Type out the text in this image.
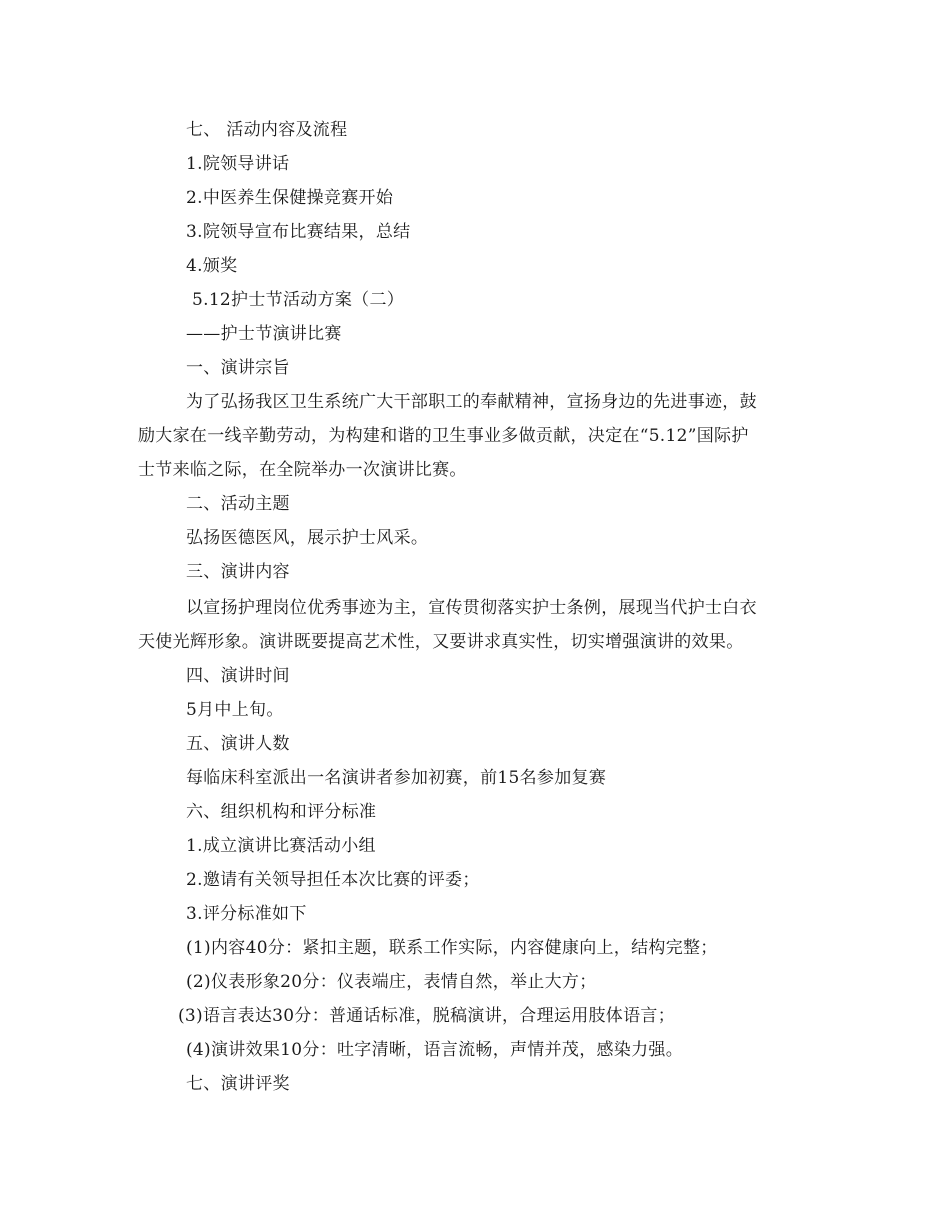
七、 活动内容及流程
1.院领导讲话
2.中医养生保健操竞赛开始
3.院领导宣布比赛结果，总结
4.颁奖
5.12护士节活动方案（二）
——护士节演讲比赛
一、演讲宗旨
为了弘扬我区卫生系统广大干部职工的奉献精神，宣扬身边的先进事迹，鼓
励大家在一线辛勤劳动，为构建和谐的卫生事业多做贡献，决定在“5.12”国际护
士节来临之际，在全院举办一次演讲比赛。
二、活动主题
弘扬医德医风，展示护士风采。
三、演讲内容
以宣扬护理岗位优秀事迹为主，宣传贯彻落实护士条例，展现当代护士白衣
天使光辉形象。演讲既要提高艺术性，又要讲求真实性，切实增强演讲的效果。
四、演讲时间
5月中上旬。
五、演讲人数
每临床科室派出一名演讲者参加初赛，前15名参加复赛
六、组织机构和评分标准
1.成立演讲比赛活动小组
2.邀请有关领导担任本次比赛的评委；
3.评分标准如下
(1)内容40分：紧扣主题，联系工作实际，内容健康向上，结构完整；
(2)仪表形象20分：仪表端庄，表情自然，举止大方；
(3)语言表达30分：普通话标准，脱稿演讲，合理运用肢体语言；
(4)演讲效果10分：吐字清晰，语言流畅，声情并茂，感染力强。
七、演讲评奖
